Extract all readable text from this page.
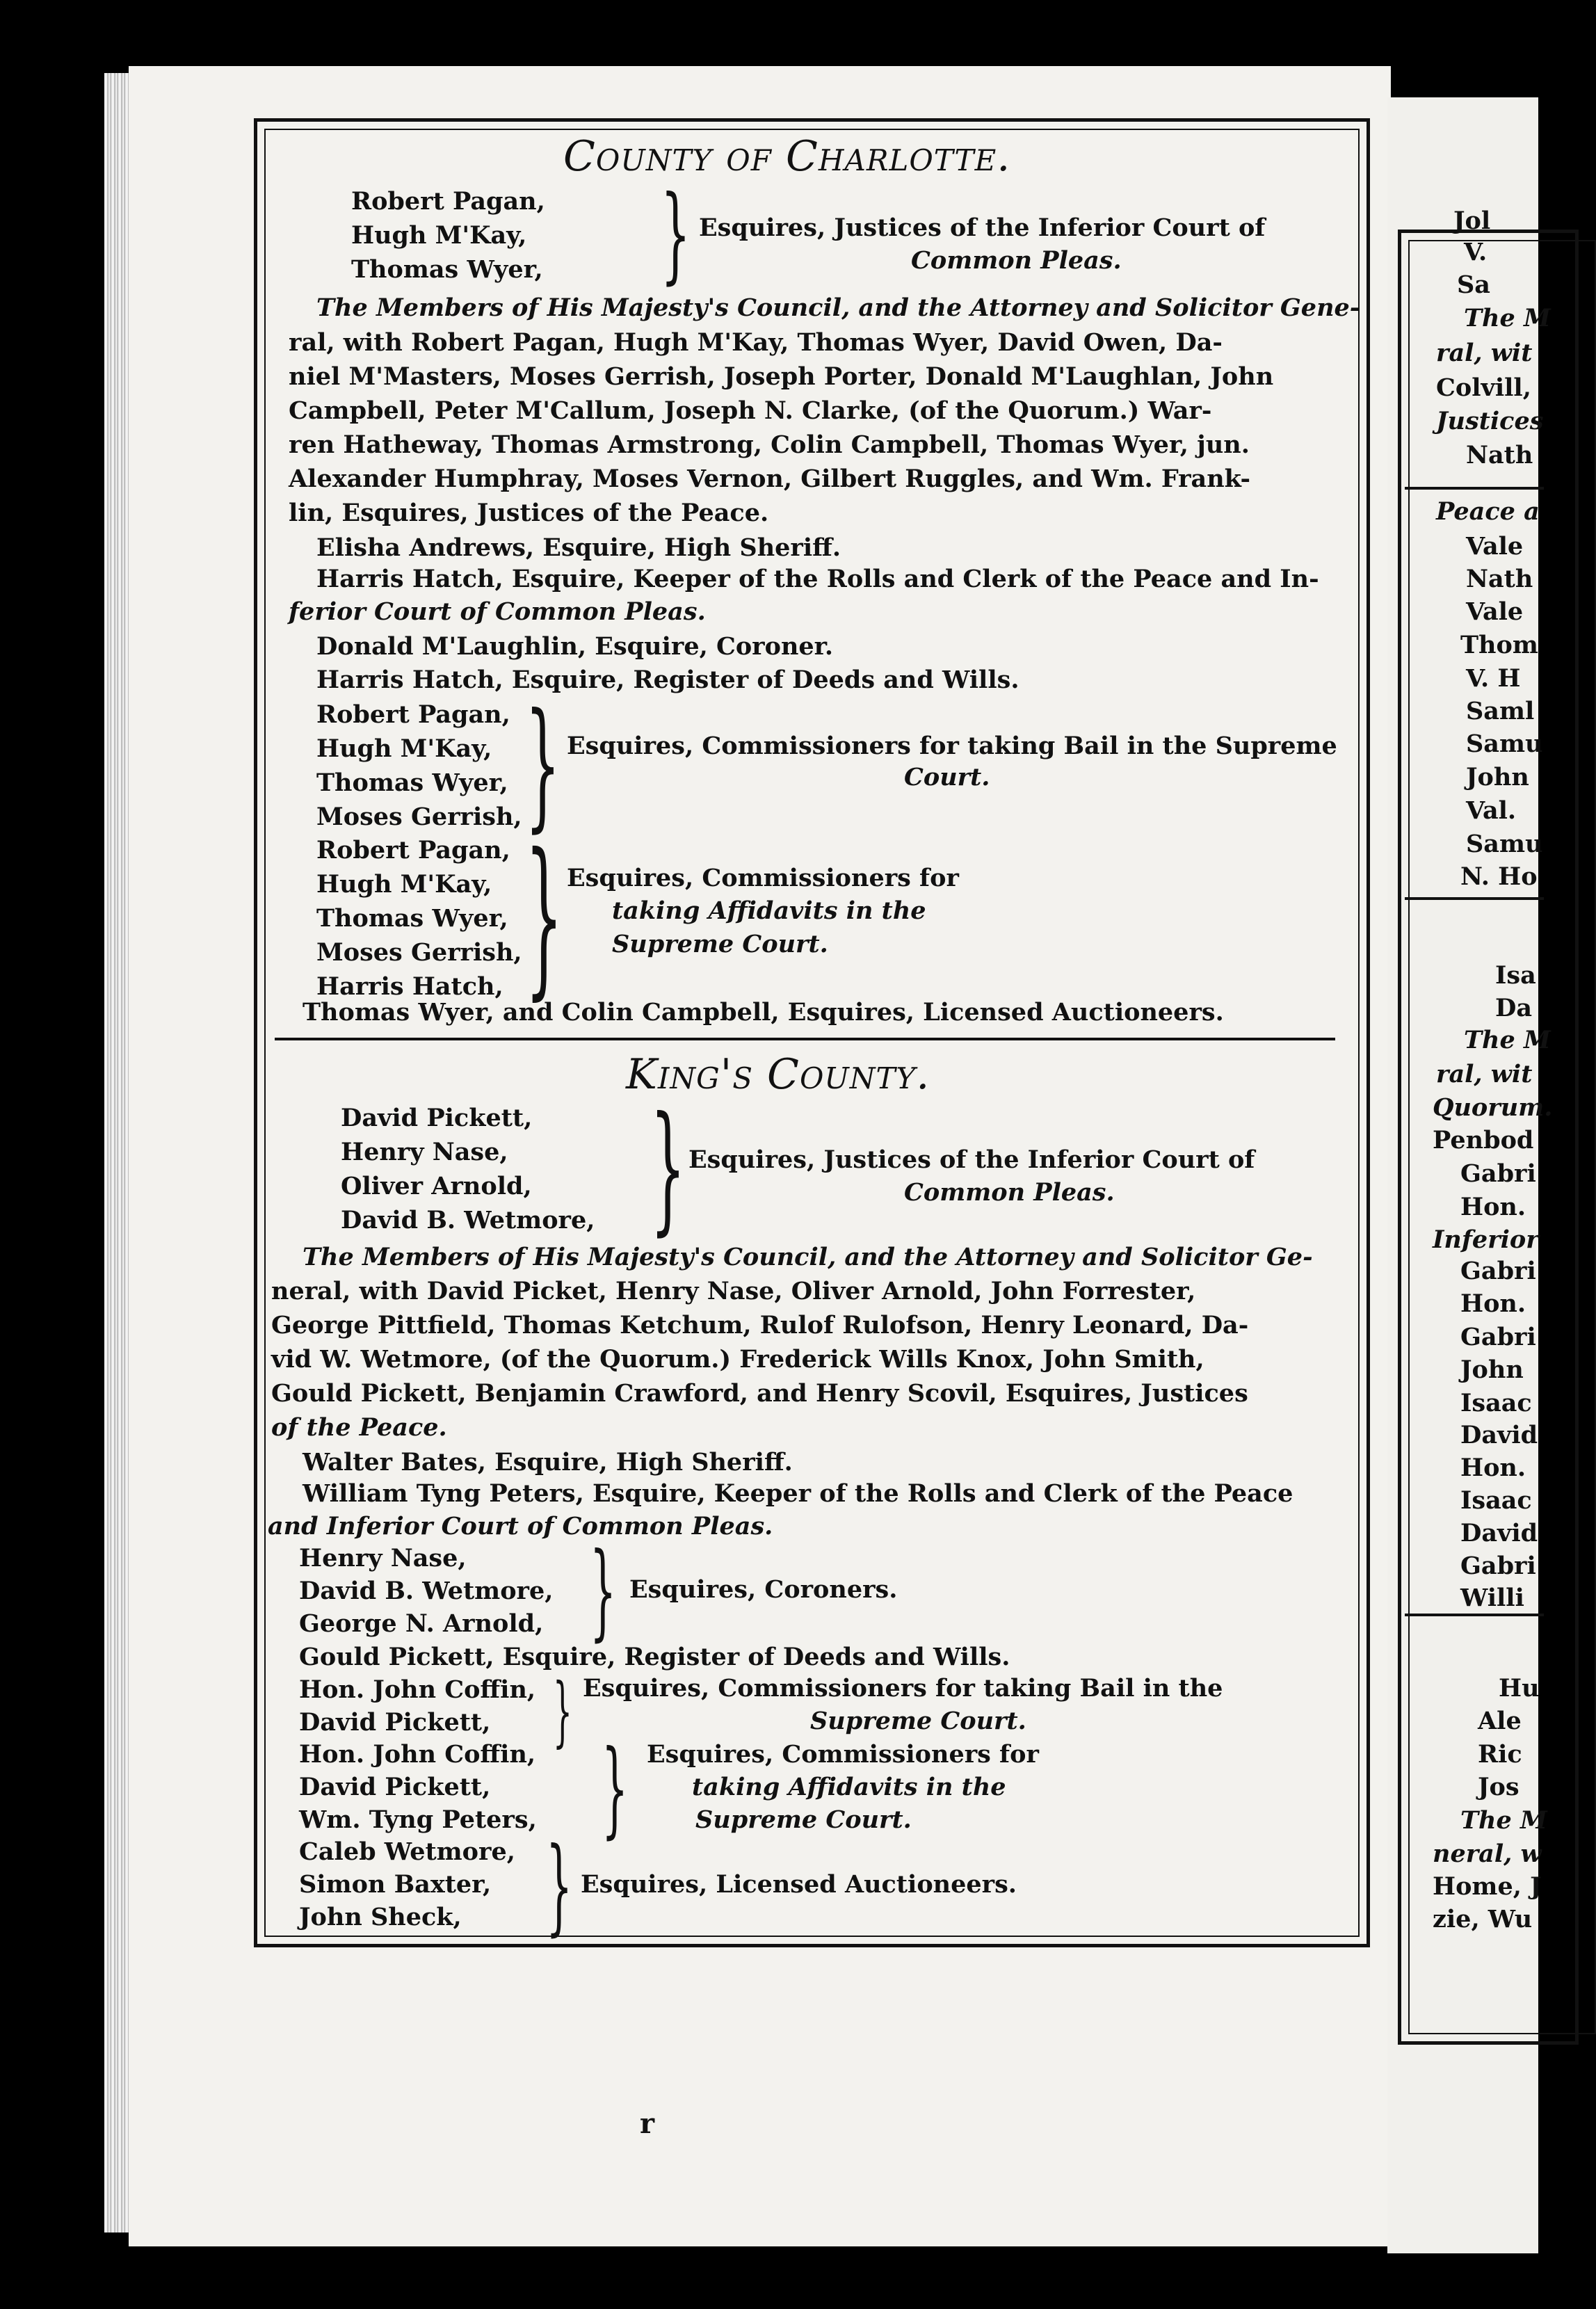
Jol
V.
Sa
The M
ral, wit
Colvill,
Justices
Nath
Peace a
Vale
Nath
Vale
Thom
V. H
Saml
Samu
John
Val.
Samu
N. Ho
Isa
Da
The M
ral, wit
Quorum.
Penbod
Gabri
Hon.
Inferior
Gabri
Hon.
Gabri
John
Isaac
David
Hon.
Isaac
David
Gabri
Willi
Hu
Ale
Ric
Jos
The M
neral, w
Home, J
zie, Wu
County of Charlotte.
Robert Pagan,
Hugh M'Kay,
Thomas Wyer, } Esquires, Justices of the Inferior Court of
Common Pleas.
The Members of His Majesty's Council, and the Attorney and Solicitor Gene-
ral, with Robert Pagan, Hugh M'Kay, Thomas Wyer, David Owen, Da-
niel M'Masters, Moses Gerrish, Joseph Porter, Donald M'Laughlan, John
Campbell, Peter M'Callum, Joseph N. Clarke, (of the Quorum.) War-
ren Hatheway, Thomas Armstrong, Colin Campbell, Thomas Wyer, jun.
Alexander Humphray, Moses Vernon, Gilbert Ruggles, and Wm. Frank-
lin, Esquires, Justices of the Peace.
Elisha Andrews, Esquire, High Sheriff.
Harris Hatch, Esquire, Keeper of the Rolls and Clerk of the Peace and In-
ferior Court of Common Pleas.
Donald M'Laughlin, Esquire, Coroner.
Harris Hatch, Esquire, Register of Deeds and Wills.
Robert Pagan,
Hugh M'Kay,
Thomas Wyer,
Moses Gerrish, } Esquires, Commissioners for taking Bail in the Supreme
Court.
Robert Pagan,
Hugh M'Kay,
Thomas Wyer,
Moses Gerrish,
Harris Hatch, } Esquires, Commissioners for
taking Affidavits in the
Supreme Court.
Thomas Wyer, and Colin Campbell, Esquires, Licensed Auctioneers.
King's County.
David Pickett,
Henry Nase,
Oliver Arnold,
David B. Wetmore, } Esquires, Justices of the Inferior Court of
Common Pleas.
The Members of His Majesty's Council, and the Attorney and Solicitor Ge-
neral, with David Picket, Henry Nase, Oliver Arnold, John Forrester,
George Pittfield, Thomas Ketchum, Rulof Rulofson, Henry Leonard, Da-
vid W. Wetmore, (of the Quorum.) Frederick Wills Knox, John Smith,
Gould Pickett, Benjamin Crawford, and Henry Scovil, Esquires, Justices
of the Peace.
Walter Bates, Esquire, High Sheriff.
William Tyng Peters, Esquire, Keeper of the Rolls and Clerk of the Peace
and Inferior Court of Common Pleas.
Henry Nase,
David B. Wetmore,
George N. Arnold, } Esquires, Coroners.
Gould Pickett, Esquire, Register of Deeds and Wills.
Hon. John Coffin,
David Pickett, } Esquires, Commissioners for taking Bail in the
Supreme Court.
Hon. John Coffin,
David Pickett,
Wm. Tyng Peters, } Esquires, Commissioners for
taking Affidavits in the
Supreme Court.
Caleb Wetmore,
Simon Baxter,
John Sheck, } Esquires, Licensed Auctioneers.
r
